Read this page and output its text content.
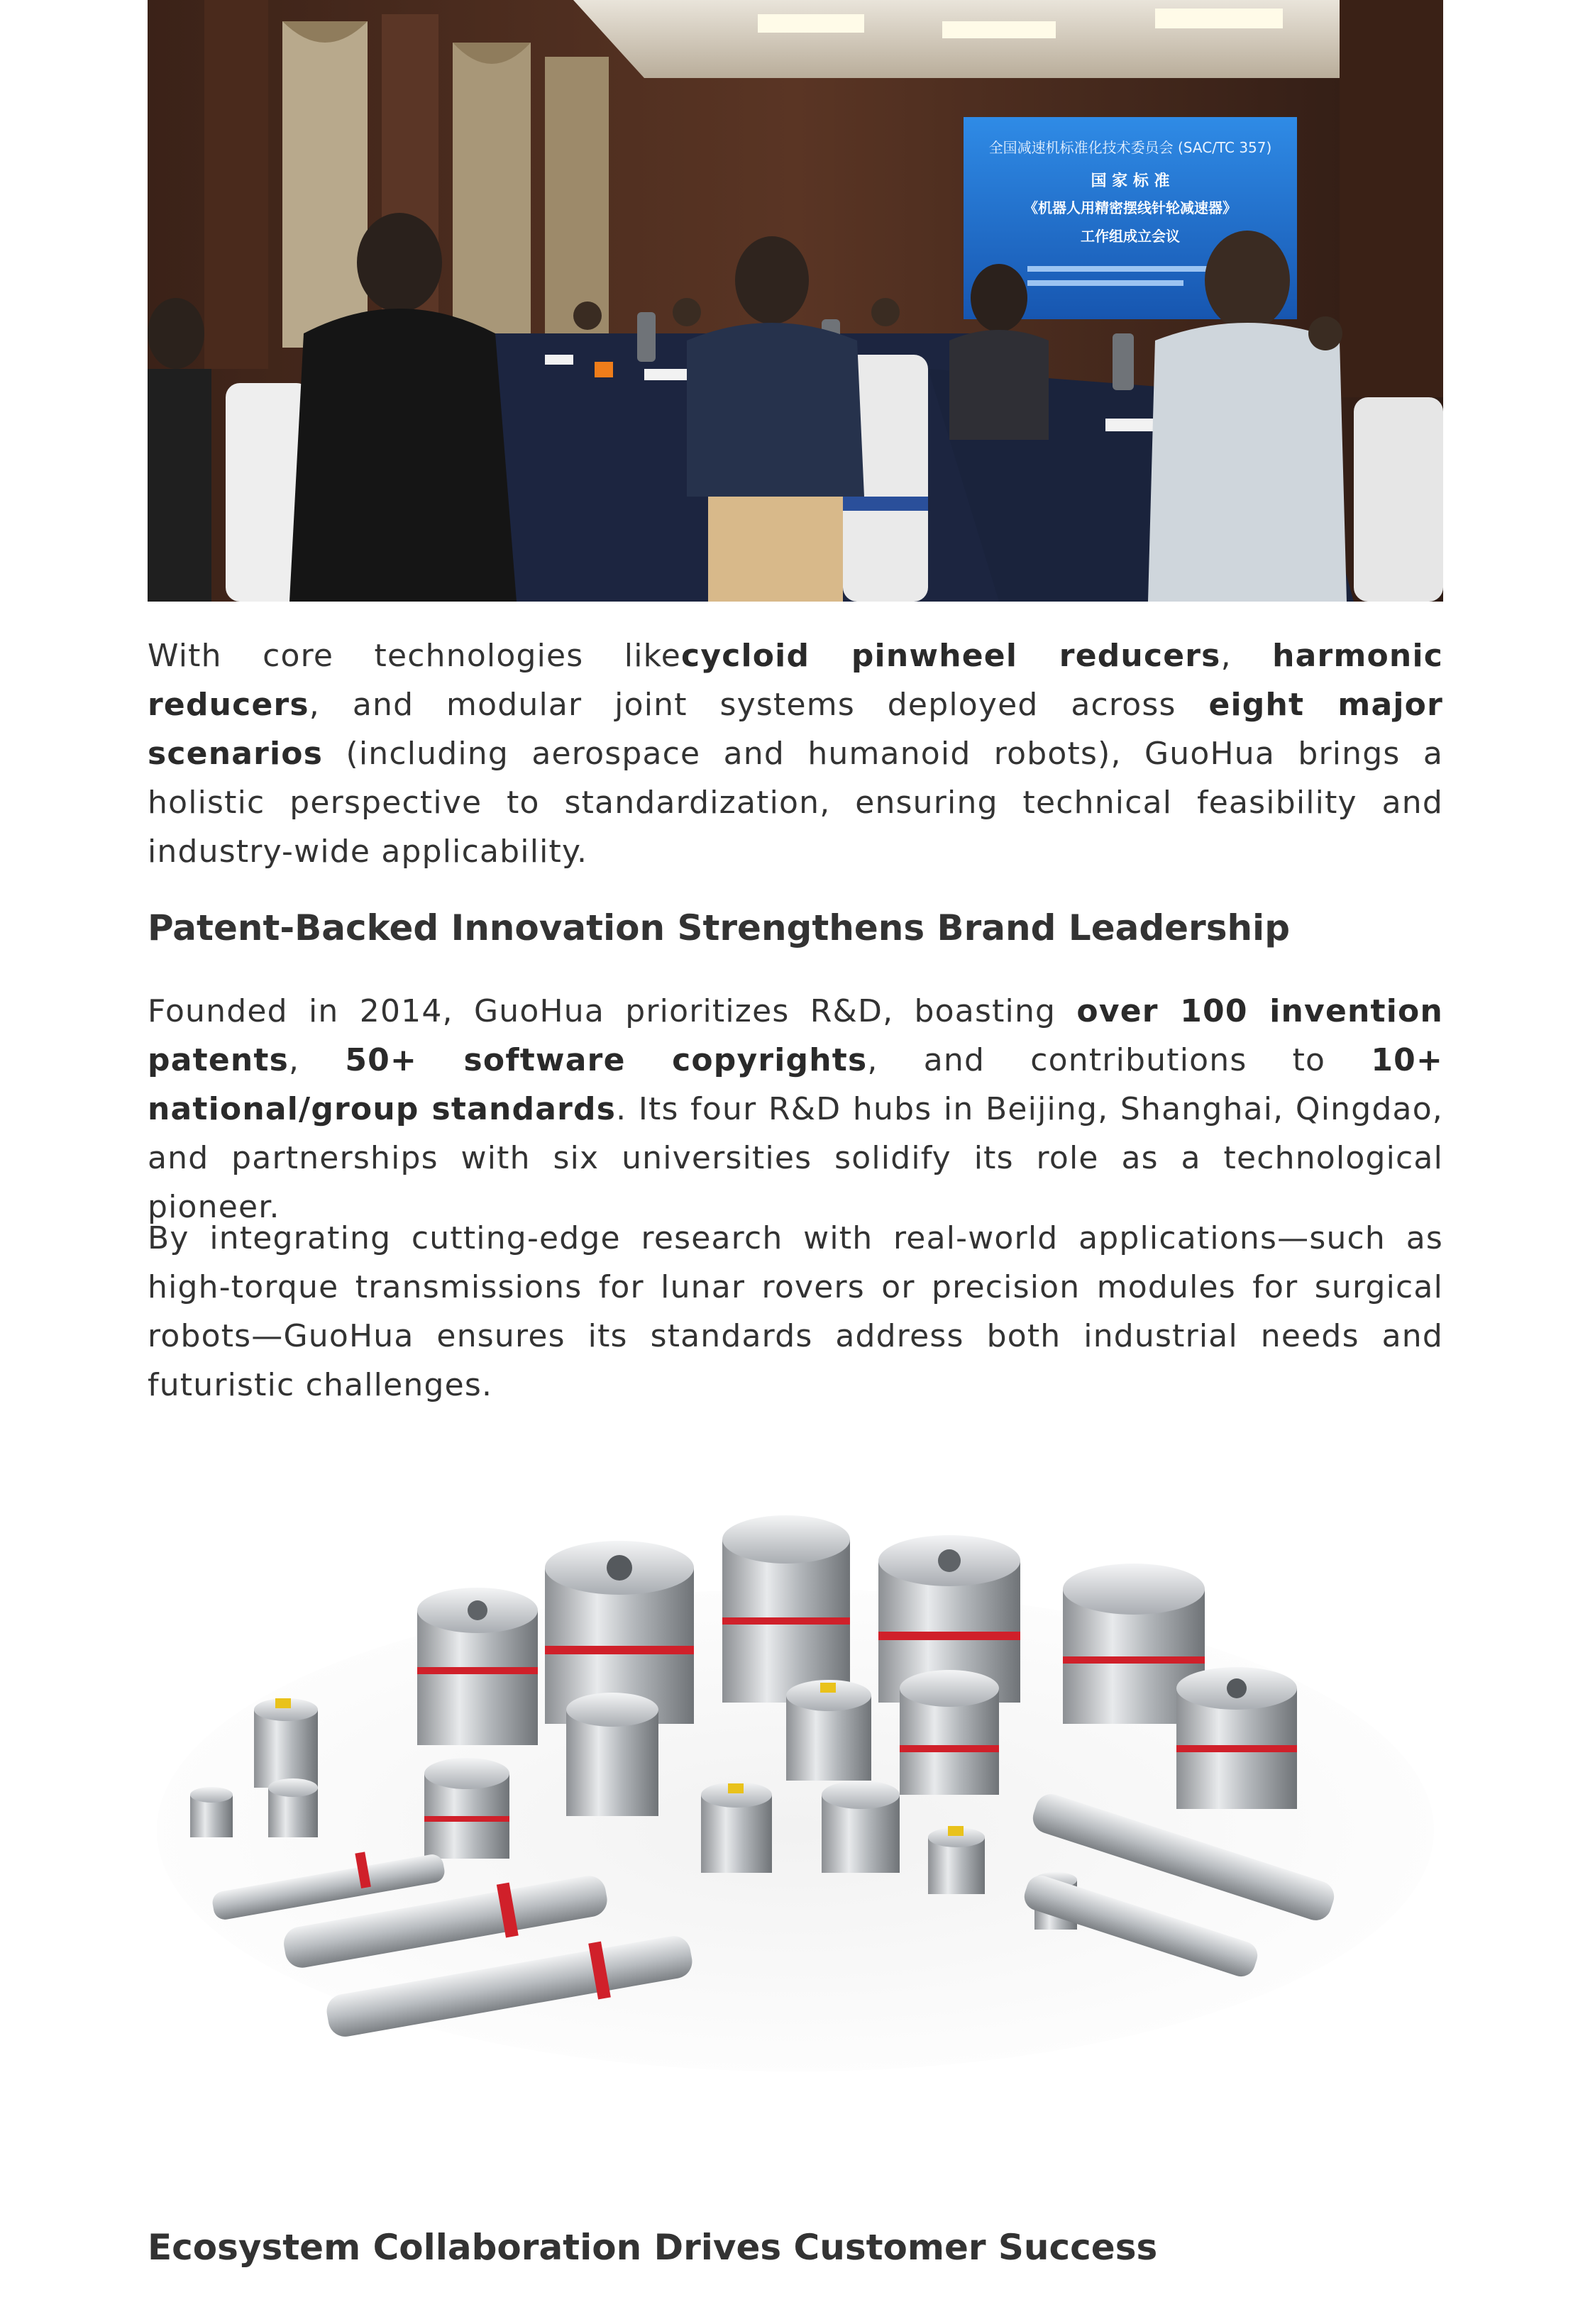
全国减速机标准化技术委员会 (SAC/TC 357)
国 家 标 准
《机器人用精密摆线针轮减速器》
工作组成立会议

With core technologies likecycloid pinwheel reducers, harmonic reducers, and modular joint systems deployed across eight major scenarios (including aerospace and humanoid robots), GuoHua brings a holistic perspective to standardization, ensuring technical feasibility and industry-wide applicability.

Patent-Backed Innovation Strengthens Brand Leadership

Founded in 2014, GuoHua prioritizes R&D, boasting over 100 invention patents, 50+ software copyrights, and contributions to 10+ national/group standards. Its four R&D hubs in Beijing, Shanghai, Qingdao, and partnerships with six universities solidify its role as a technological pioneer.

By integrating cutting-edge research with real-world applications—such as high-torque transmissions for lunar rovers or precision modules for surgical robots—GuoHua ensures its standards address both industrial needs and futuristic challenges.

Ecosystem Collaboration Drives Customer Success
